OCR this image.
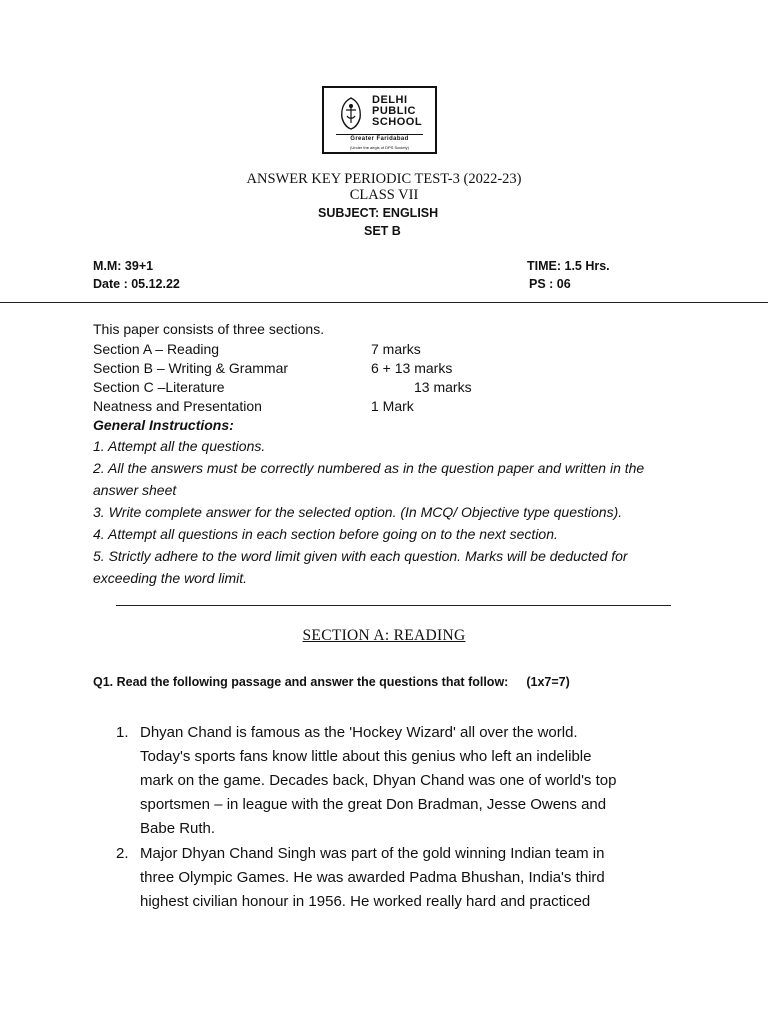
DELHI
PUBLIC
SCHOOL
Greater Faridabad
(Under the aegis of DPS Society)
ANSWER KEY PERIODIC TEST-3 (2022-23)
CLASS VII
SUBJECT: ENGLISH
SET B
M.M: 39+1	TIME: 1.5 Hrs.
Date : 05.12.22	PS : 06
This paper consists of three sections.
Section A – Reading	7 marks
Section B – Writing & Grammar	6 + 13 marks
Section C –Literature	13 marks
Neatness and Presentation	1 Mark
General Instructions:
1. Attempt all the questions.
2. All the answers must be correctly numbered as in the question paper and written in the answer sheet
3. Write complete answer for the selected option. (In MCQ/ Objective type questions).
4. Attempt all questions in each section before going on to the next section.
5. Strictly adhere to the word limit given with each question. Marks will be deducted for exceeding the word limit.
SECTION A: READING
Q1. Read the following passage and answer the questions that follow: (1x7=7)
1. Dhyan Chand is famous as the 'Hockey Wizard' all over the world.
Today's sports fans know little about this genius who left an indelible
mark on the game. Decades back, Dhyan Chand was one of world's top
sportsmen – in league with the great Don Bradman, Jesse Owens and
Babe Ruth.
2. Major Dhyan Chand Singh was part of the gold winning Indian team in
three Olympic Games. He was awarded Padma Bhushan, India's third
highest civilian honour in 1956. He worked really hard and practiced
